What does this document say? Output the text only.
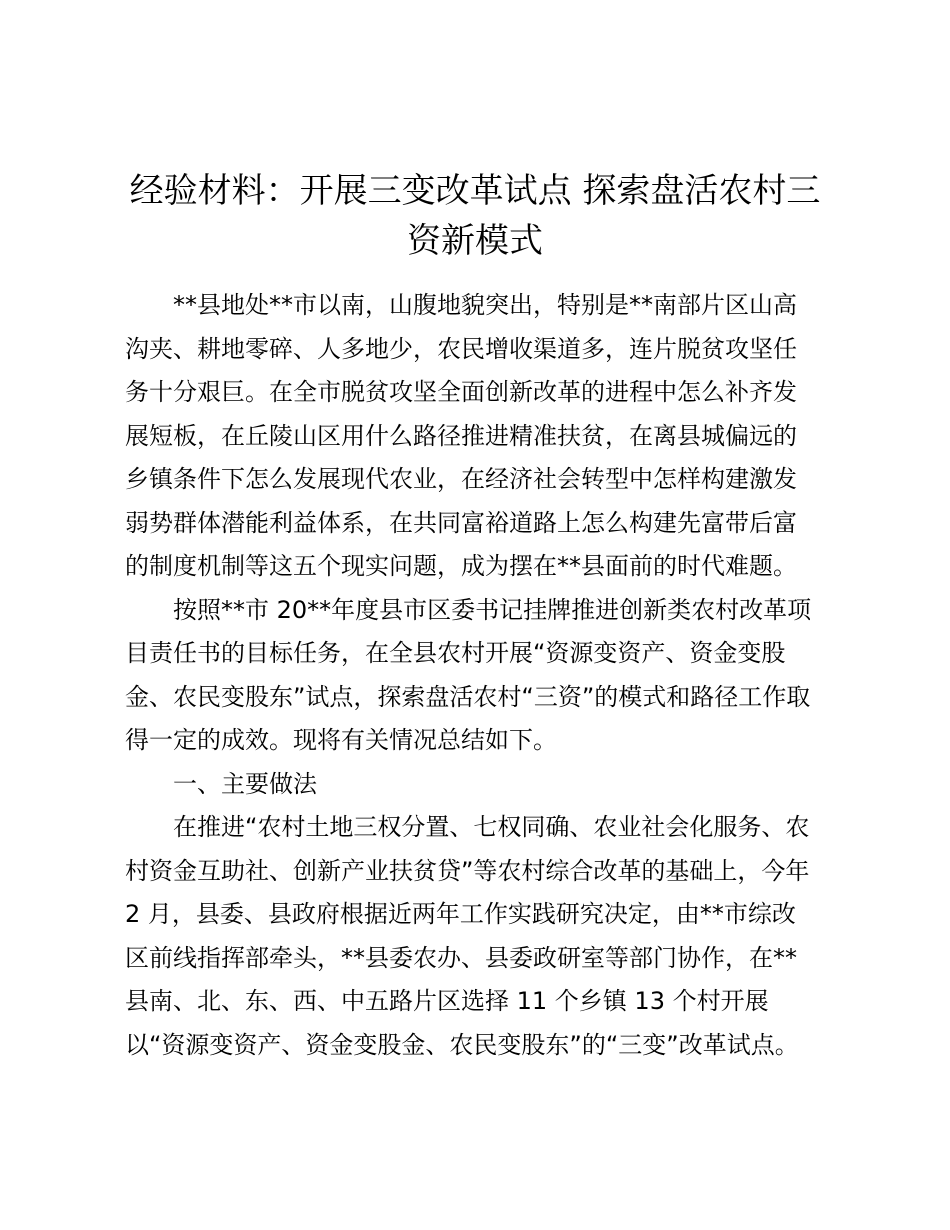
经验材料：开展三变改革试点 探索盘活农村三
资新模式

**县地处**市以南，山腹地貌突出，特别是**南部片区山高

沟夹、耕地零碎、人多地少，农民增收渠道多，连片脱贫攻坚任

务十分艰巨。在全市脱贫攻坚全面创新改革的进程中怎么补齐发

展短板，在丘陵山区用什么路径推进精准扶贫，在离县城偏远的

乡镇条件下怎么发展现代农业，在经济社会转型中怎样构建激发

弱势群体潜能利益体系，在共同富裕道路上怎么构建先富带后富

的制度机制等这五个现实问题，成为摆在**县面前的时代难题。

按照**市 20**年度县市区委书记挂牌推进创新类农村改革项

目责任书的目标任务，在全县农村开展“资源变资产、资金变股

金、农民变股东”试点，探索盘活农村“三资”的模式和路径工作取

得一定的成效。现将有关情况总结如下。

一、主要做法

在推进“农村土地三权分置、七权同确、农业社会化服务、农

村资金互助社、创新产业扶贫贷”等农村综合改革的基础上，今年

2 月，县委、县政府根据近两年工作实践研究决定，由**市综改

区前线指挥部牵头，**县委农办、县委政研室等部门协作，在**

县南、北、东、西、中五路片区选择 11 个乡镇 13 个村开展

以“资源变资产、资金变股金、农民变股东”的“三变”改革试点。
